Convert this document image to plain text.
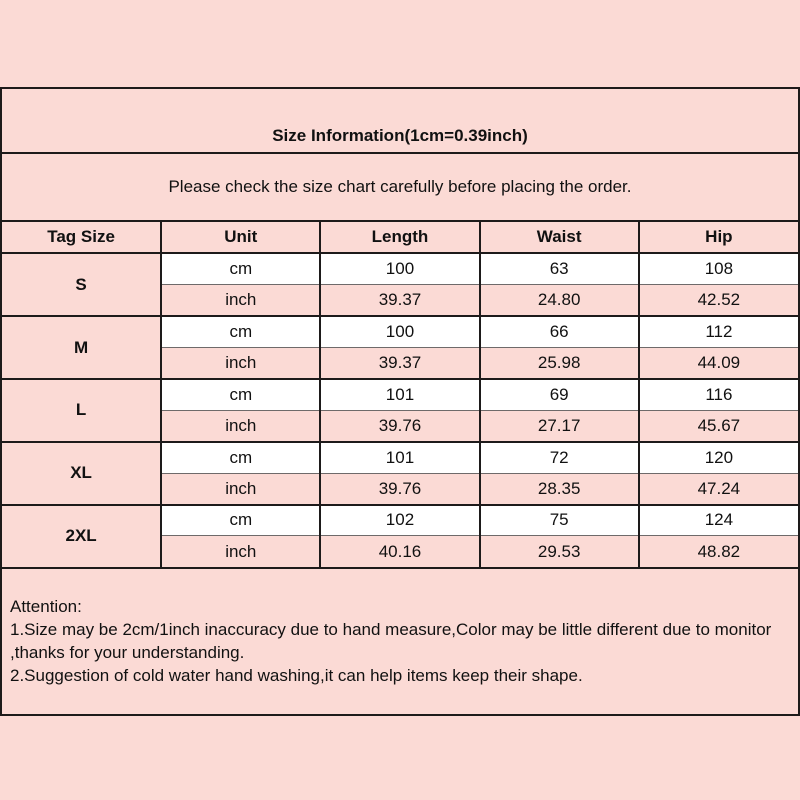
Size Information(1cm=0.39inch)
Please check the size chart carefully before placing the order.
Tag Size	Unit	Length	Waist	Hip
S	cm	100	63	108
	inch	39.37	24.80	42.52
M	cm	100	66	112
	inch	39.37	25.98	44.09
L	cm	101	69	116
	inch	39.76	27.17	45.67
XL	cm	101	72	120
	inch	39.76	28.35	47.24
2XL	cm	102	75	124
	inch	40.16	29.53	48.82
Attention:
1.Size may be 2cm/1inch inaccuracy due to hand measure,Color may be little different due to monitor ,thanks for your understanding.
2.Suggestion of cold water hand washing,it can help items keep their shape.
